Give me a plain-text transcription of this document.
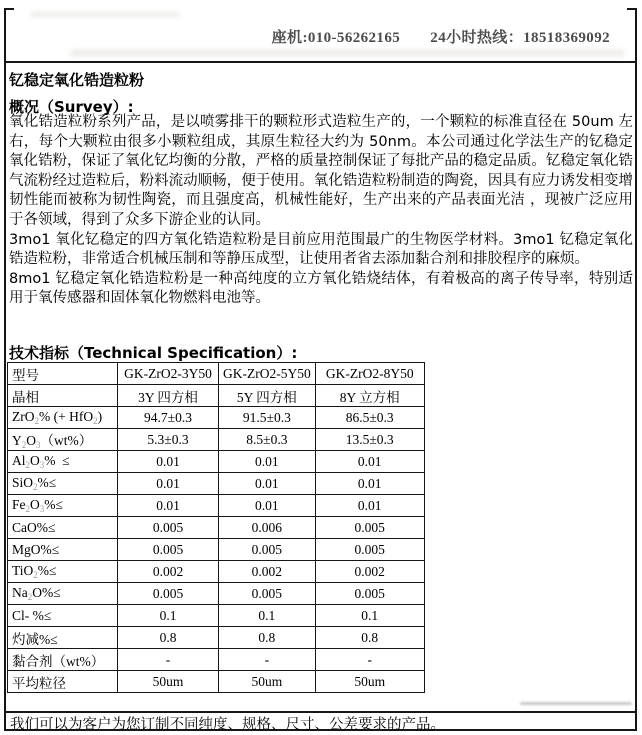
座机:010-56262165 24小时热线：18518369092
钇稳定氧化锆造粒粉
概况（Survey）:

氧化锆造粒粉系列产品，是以喷雾排干的颗粒形式造粒生产的，一个颗粒的标准直径在 50um 左右，每个大颗粒由很多小颗粒组成，其原生粒径大约为 50nm。本公司通过化学法生产的钇稳定氧化锆粉，保证了氧化钇均衡的分散，严格的质量控制保证了每批产品的稳定品质。钇稳定氧化锆气流粉经过造粒后，粉料流动顺畅，便于使用。氧化锆造粒粉制造的陶瓷，因具有应力诱发相变增韧性能而被称为韧性陶瓷，而且强度高，机械性能好，生产出来的产品表面光洁 ，现被广泛应用于各领域，得到了众多下游企业的认同。

3mo1 氧化钇稳定的四方氧化锆造粒粉是目前应用范围最广的生物医学材料。3mo1 钇稳定氧化锆造粒粉，非常适合机械压制和等静压成型，让使用者省去添加黏合剂和排胶程序的麻烦。

8mo1 钇稳定氧化锆造粒粉是一种高纯度的立方氧化锆烧结体，有着极高的离子传导率，特别适用于氧传感器和固体氧化物燃料电池等。

技术指标（Technical Specification）:
型号	GK-ZrO2-3Y50	GK-ZrO2-5Y50	GK-ZrO2-8Y50
晶相	3Y 四方相	5Y 四方相	8Y 立方相
ZrO$_2$% (+ HfO$_2$)	94.7±0.3	91.5±0.3	86.5±0.3
$Y_2O_3(wt\%)$	5.3±0.3	8.5±0.3	13.5±0.3
$Al_2O_3\%$  ≤	0.01	0.01	0.01
SiO$_2$%≤	0.01	0.01	0.01
$Fe_2O_3\%\le$	0.01	0.01	0.01
CaO%≤	0.005	0.006	0.005
MgO%≤	0.005	0.005	0.005
TiO$_2$%≤	0.002	0.002	0.002
$Na_2O\%\le$	0.005	0.005	0.005
Cl- %≤	0.1	0.1	0.1
灼减%≤	0.8	0.8	0.8
黏合剂（wt%）	-	-	-
平均粒径	50um	50um	50um
我们可以为客户为您订制不同纯度、规格、尺寸、公差要求的产品。
